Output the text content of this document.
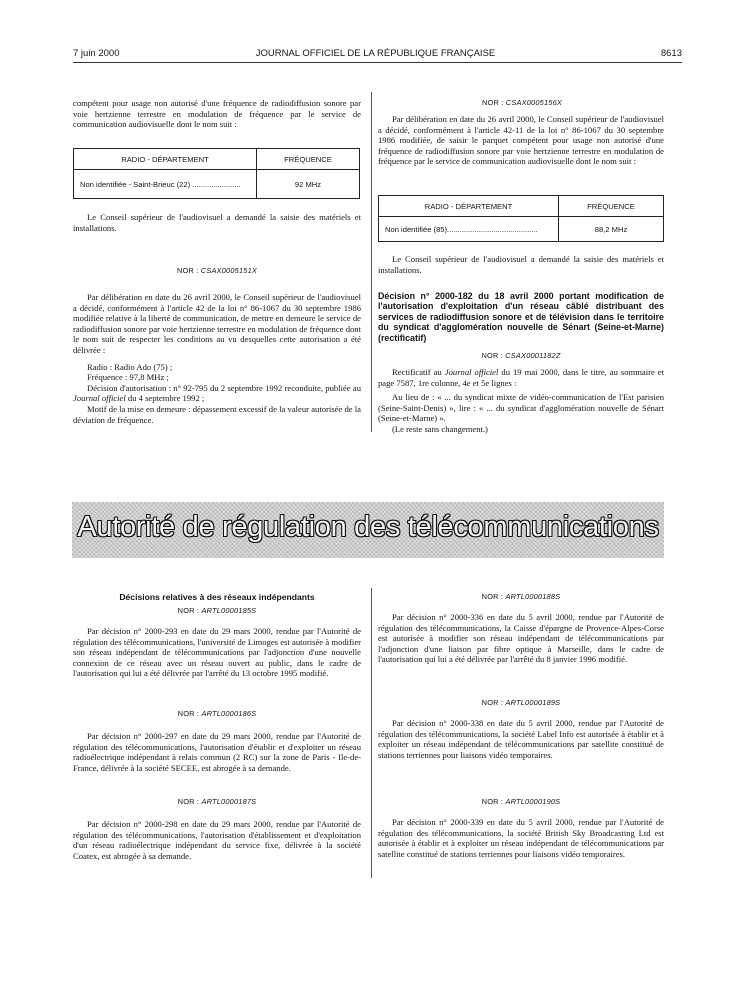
7 juin 2000	JOURNAL OFFICIEL DE LA RÉPUBLIQUE FRANÇAISE	8613

compétent pour usage non autorisé d'une fréquence de radiodiffusion sonore par voie hertzienne terrestre en modulation de fréquence par le service de communication audiovisuelle dont le nom suit :

RADIO - DÉPARTEMENT	FRÉQUENCE
Non identifiée - Saint-Brieuc (22) .......................	92 MHz

Le Conseil supérieur de l'audiovisuel a demandé la saisie des matériels et installations.

NOR : CSAX0005151X

Par délibération en date du 26 avril 2000, le Conseil supérieur de l'audiovisuel a décidé, conformément à l'article 42 de la loi n° 86-1067 du 30 septembre 1986 modifiée relative à la liberté de communication, de mettre en demeure le service de radiodiffusion sonore par voie hertzienne terrestre en modulation de fréquence dont le nom suit de respecter les conditions au vu desquelles cette autorisation a été délivrée :

Radio : Radio Ado (75) ;

Fréquence : 97,8 MHz ;

Décision d'autorisation : n° 92-795 du 2 septembre 1992 reconduite, publiée au Journal officiel du 4 septembre 1992 ;

Motif de la mise en demeure : dépassement excessif de la valeur autorisée de la déviation de fréquence.

NOR : CSAX0005156X

Par délibération en date du 26 avril 2000, le Conseil supérieur de l'audiovisuel a décidé, conformément à l'article 42-11 de la loi n° 86-1067 du 30 septembre 1986 modifiée, de saisir le parquet compétent pour usage non autorisé d'une fréquence de radiodiffusion sonore par voie hertzienne terrestre en modulation de fréquence par le service de communication audiovisuelle dont le nom suit :

RADIO - DÉPARTEMENT	FRÉQUENCE
Non identifiée (85)...........................................	88,2 MHz

Le Conseil supérieur de l'audiovisuel a demandé la saisie des matériels et installations.

Décision n° 2000-182 du 18 avril 2000 portant modification de l'autorisation d'exploitation d'un réseau câblé distribuant des services de radiodiffusion sonore et de télévision dans le territoire du syndicat d'agglomération nouvelle de Sénart (Seine-et-Marne) (rectificatif)
NOR : CSAX0001182Z

Rectificatif au Journal officiel du 19 mai 2000, dans le titre, au sommaire et page 7587, 1re colonne, 4e et 5e lignes :

Au lieu de : « ... du syndicat mixte de vidéo-communication de l'Est parisien (Seine-Saint-Denis) », lire : « ... du syndicat d'agglomération nouvelle de Sénart (Seine-et-Marne) ».

(Le reste sans changement.)

Autorité de régulation des télécommunications
Décisions relatives à des réseaux indépendants
NOR : ARTL0000185S

Par décision n° 2000-293 en date du 29 mars 2000, rendue par l'Autorité de régulation des télécommunications, l'université de Limoges est autorisée à modifier son réseau indépendant de télécommunications par l'adjonction d'une nouvelle connexion de ce réseau avec un réseau ouvert au public, dans le cadre de l'autorisation qui lui a été délivrée par l'arrêté du 13 octobre 1995 modifié.

NOR : ARTL0000186S

Par décision n° 2000-297 en date du 29 mars 2000, rendue par l'Autorité de régulation des télécommunications, l'autorisation d'établir et d'exploiter un réseau radioélectrique indépendant à relais commun (2 RC) sur la zone de Paris - Ile-de-France, délivrée à la société SECEE, est abrogée à sa demande.

NOR : ARTL0000187S

Par décision n° 2000-298 en date du 29 mars 2000, rendue par l'Autorité de régulation des télécommunications, l'autorisation d'établissement et d'exploitation d'un réseau radioélectrique indépendant du service fixe, délivrée à la société Coatex, est abrogée à sa demande.

NOR : ARTL0000188S

Par décision n° 2000-336 en date du 5 avril 2000, rendue par l'Autorité de régulation des télécommunications, la Caisse d'épargne de Provence-Alpes-Corse est autorisée à modifier son réseau indépendant de télécommunications par l'adjonction d'une liaison par fibre optique à Marseille, dans le cadre de l'autorisation qui lui a été délivrée par l'arrêté du 8 janvier 1996 modifié.

NOR : ARTL0000189S

Par décision n° 2000-338 en date du 5 avril 2000, rendue par l'Autorité de régulation des télécommunications, la société Label Info est autorisée à établir et à exploiter un réseau indépendant de télécommunications par satellite constitué de stations terriennes pour liaisons vidéo temporaires.

NOR : ARTL0000190S

Par décision n° 2000-339 en date du 5 avril 2000, rendue par l'Autorité de régulation des télécommunications, la société British Sky Broadcasting Ltd est autorisée à établir et à exploiter un réseau indépendant de télécommunications par satellite constitué de stations terriennes pour liaisons vidéo temporaires.
